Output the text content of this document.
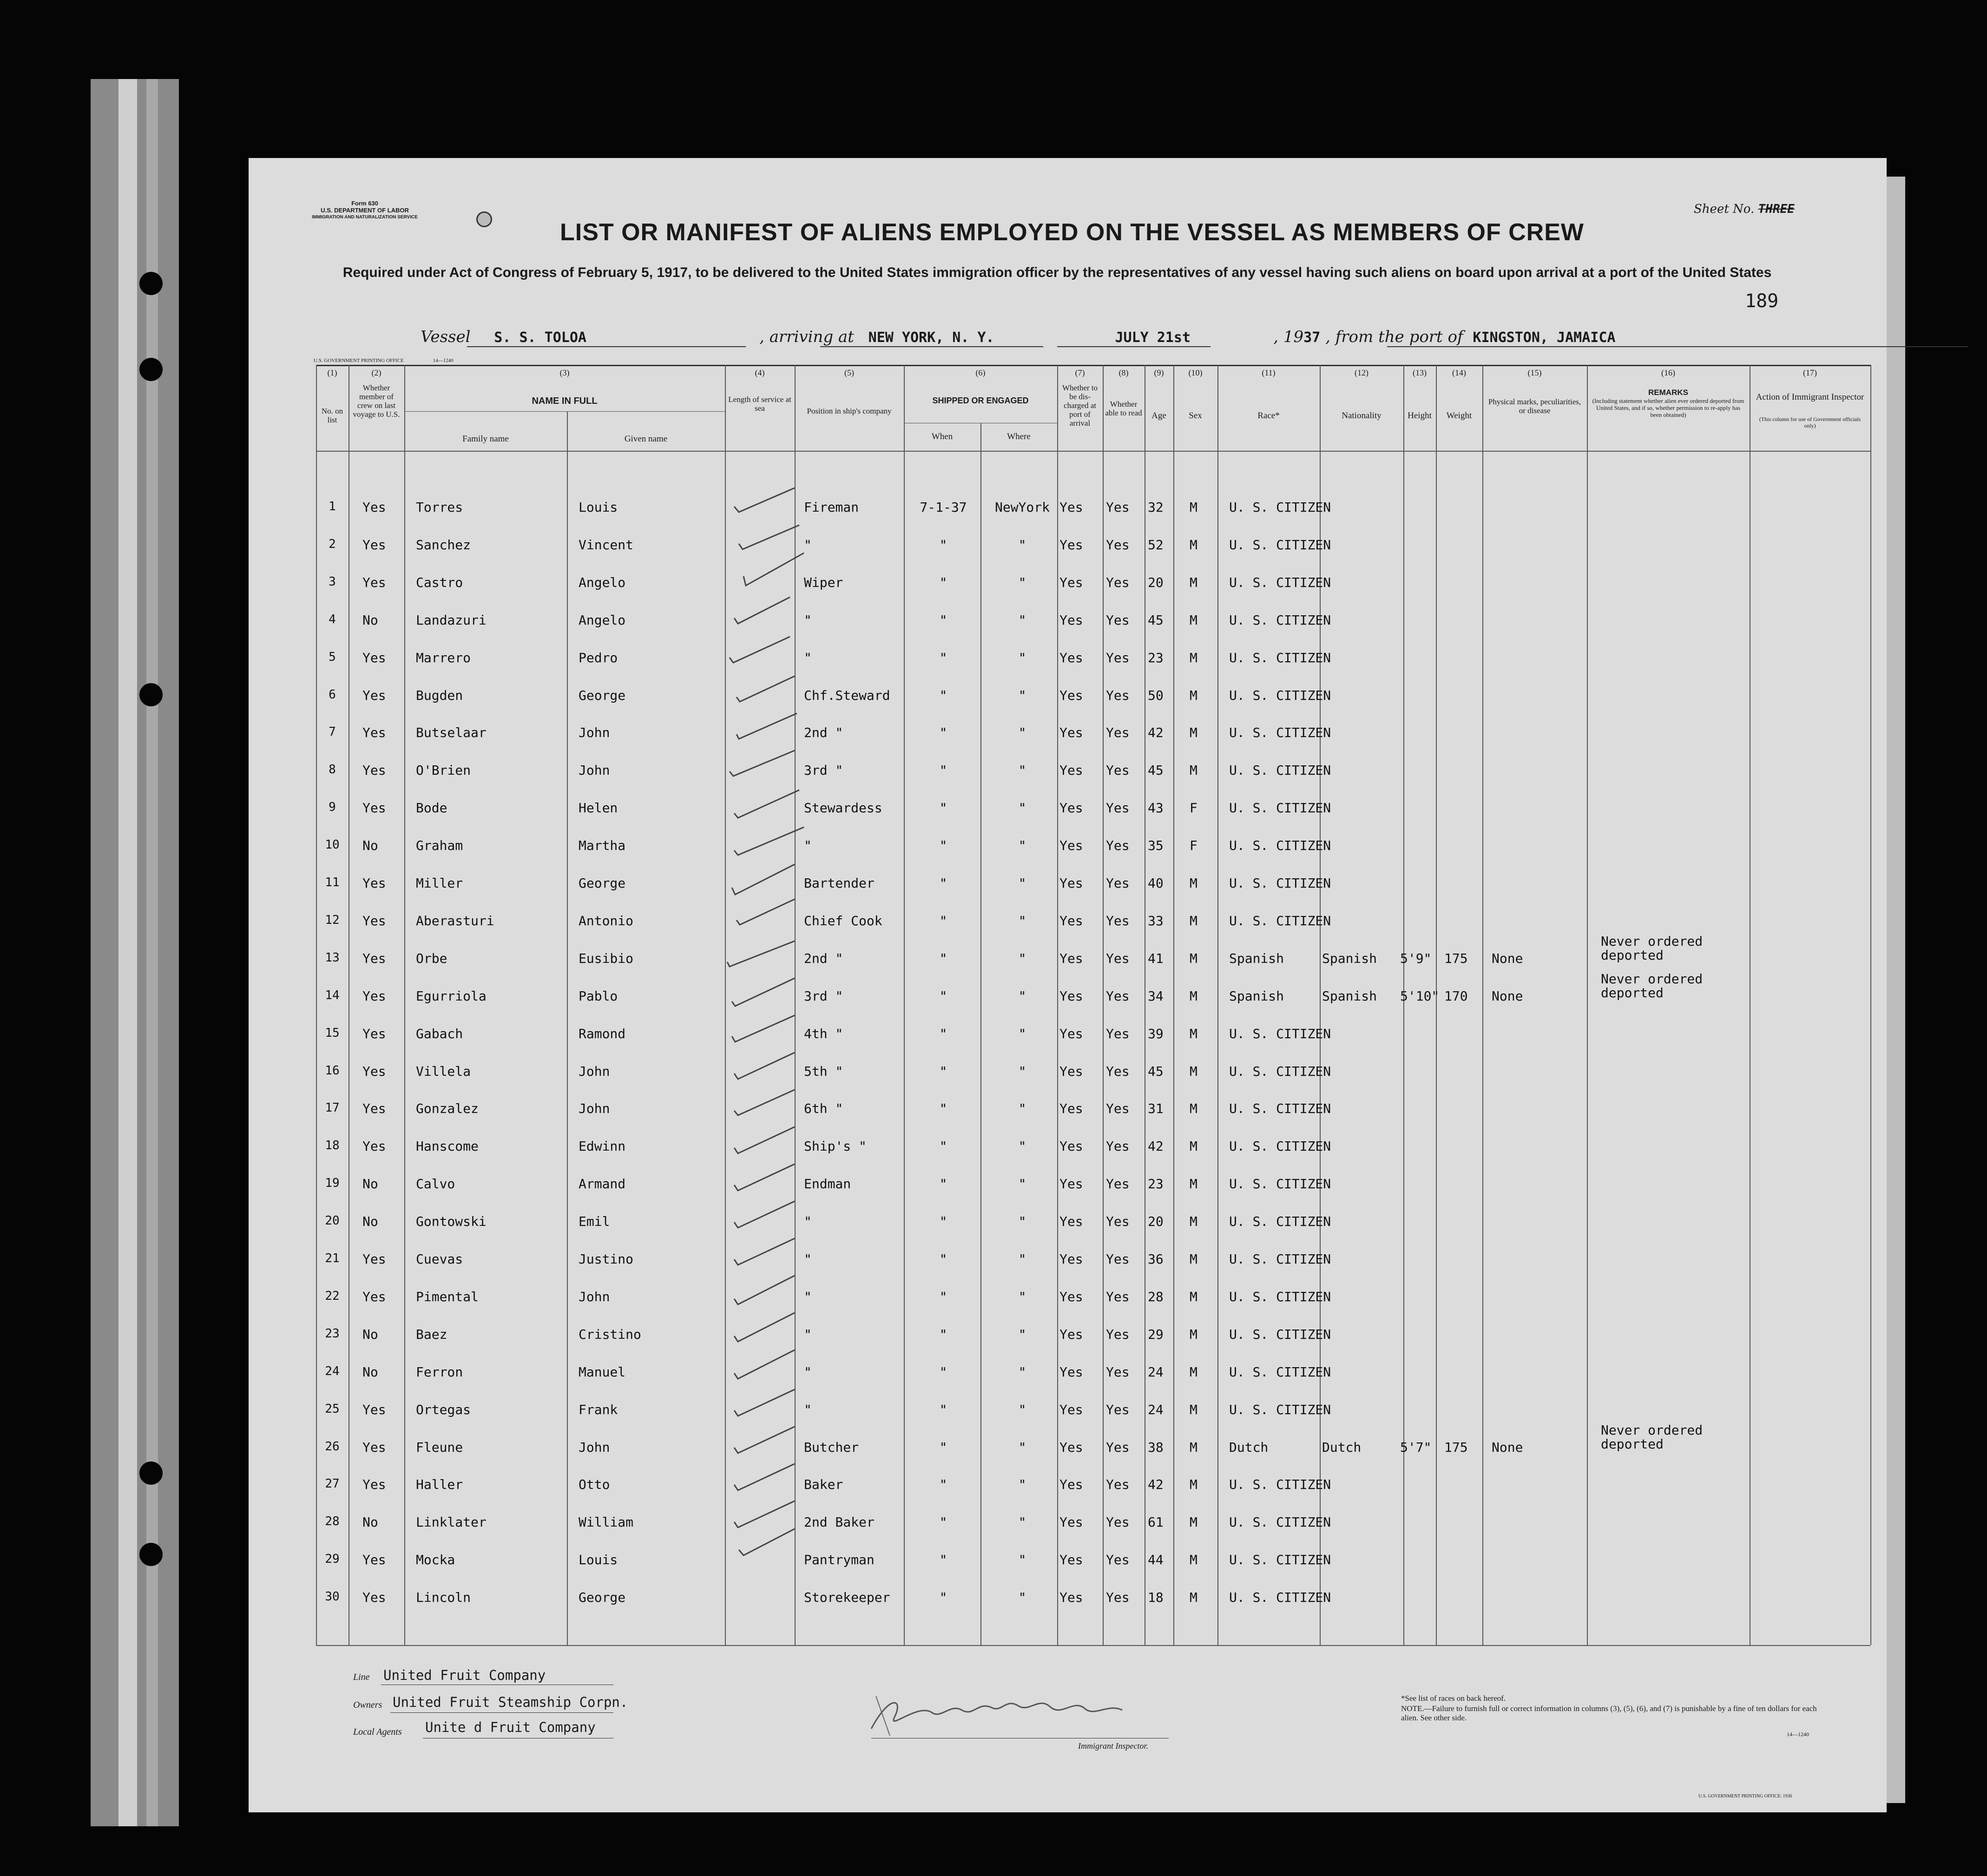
Form 630
U.S. DEPARTMENT OF LABOR
IMMIGRATION AND NATURALIZATION SERVICE
Sheet No. THREE
LIST OR MANIFEST OF ALIENS EMPLOYED ON THE VESSEL AS MEMBERS OF CREW
Required under Act of Congress of February 5, 1917, to be delivered to the United States immigration officer by the representatives of any vessel having such aliens on board upon arrival at a port of the United States
189
Vessel S. S. TOLOA	, arriving at NEW YORK, N. Y.	JULY 21st	, 1937 , from the port of KINGSTON, JAMAICA
U.S. GOVERNMENT PRINTING OFFICE	14—1240
(1)	(2)	(3)	(4)	(5)	(6)	(7)	(8)	(9)	(10)	(11)	(12)	(13)	(14)	(15)	(16)	(17)
No. on list
Whether member of crew on last voyage to U.S.
NAME IN FULL
Family name	Given name
Length of service at sea	Position in ship's company
SHIPPED OR ENGAGED
When	Where
Whether to be dis-charged at port of arrival
Whether able to read	Age	Sex	Race*	Nationality	Height	Weight
Physical marks, peculiarities, or disease
REMARKS
(Including statement whether alien ever ordered deported from United States, and if so, whether permission to re-apply has been obtained)
Action of Immigrant Inspector
(This column for use of Government officials only)
1	Yes Torres	Louis	Fireman	7-1-37	NewYork Yes Yes 32 M U. S. CITIZEN
2	Yes Sanchez	Vincent	"	"	"	Yes Yes 52 M U. S. CITIZEN
3	Yes Castro	Angelo	Wiper	"	"	Yes Yes 20 M U. S. CITIZEN
4	No	Landazuri	Angelo	"	"	"	Yes Yes 45 M U. S. CITIZEN
5	Yes Marrero	Pedro	"	"	"	Yes Yes 23 M U. S. CITIZEN
6	Yes Bugden	George	Chf.Steward	"	"	Yes Yes 50 M U. S. CITIZEN
7	Yes Butselaar	John	2nd "	"	"	Yes Yes 42 M U. S. CITIZEN
8	Yes O'Brien	John	3rd "	"	"	Yes Yes 45 M U. S. CITIZEN
9	Yes Bode	Helen	Stewardess	"	"	Yes Yes 43 F U. S. CITIZEN
10	No	Graham	Martha	"	"	"	Yes Yes 35 F U. S. CITIZEN
11	Yes Miller	George	Bartender	"	"	Yes Yes 40 M U. S. CITIZEN
12	Yes Aberasturi	Antonio	Chief Cook	"	"	Yes Yes 33 M U. S. CITIZEN
13	Yes Orbe	Eusibio	2nd "	"	"	Yes Yes 41 M Spanish	Spanish 5'9" 175 None
Never ordered deported
14	Yes Egurriola	Pablo	3rd "	"	"	Yes Yes 34 M Spanish	Spanish 5'10" 170 None
Never ordered deported
15	Yes Gabach	Ramond	4th "	"	"	Yes Yes 39 M U. S. CITIZEN
16	Yes Villela	John	5th "	"	"	Yes Yes 45 M U. S. CITIZEN
17	Yes Gonzalez	John	6th "	"	"	Yes Yes 31 M U. S. CITIZEN
18	Yes Hanscome	Edwinn	Ship's "	"	"	Yes Yes 42 M U. S. CITIZEN
19	No	Calvo	Armand	Endman	"	"	Yes Yes 23 M U. S. CITIZEN
20	No	Gontowski	Emil	"	"	"	Yes Yes 20 M U. S. CITIZEN
21	Yes Cuevas	Justino	"	"	"	Yes Yes 36 M U. S. CITIZEN
22	Yes Pimental	John	"	"	"	Yes Yes 28 M U. S. CITIZEN
23	No	Baez	Cristino	"	"	"	Yes Yes 29 M U. S. CITIZEN
24	No	Ferron	Manuel	"	"	"	Yes Yes 24 M U. S. CITIZEN
25	Yes Ortegas	Frank	"	"	"	Yes Yes 24 M U. S. CITIZEN
26	Yes Fleune	John	Butcher	"	"	Yes Yes 38 M Dutch	Dutch	5'7" 175 None
Never ordered deported
27	Yes Haller	Otto	Baker	"	"	Yes Yes 42 M U. S. CITIZEN
28	No	Linklater	William	2nd Baker	"	"	Yes Yes 61 M U. S. CITIZEN
29	Yes Mocka	Louis	Pantryman	"	"	Yes Yes 44 M U. S. CITIZEN
30	Yes Lincoln	George	Storekeeper	"	"	Yes Yes 18 M U. S. CITIZEN
Line United Fruit Company
Owners United Fruit Steamship Corpn.
Local Agents Unite d Fruit Company
Immigrant Inspector.
*See list of races on back hereof.
NOTE.—Failure to furnish full or correct information in columns (3), (5), (6), and (7) is punishable by a fine of ten dollars for each alien. See other side.
14—1240
U.S. GOVERNMENT PRINTING OFFICE: 1936
